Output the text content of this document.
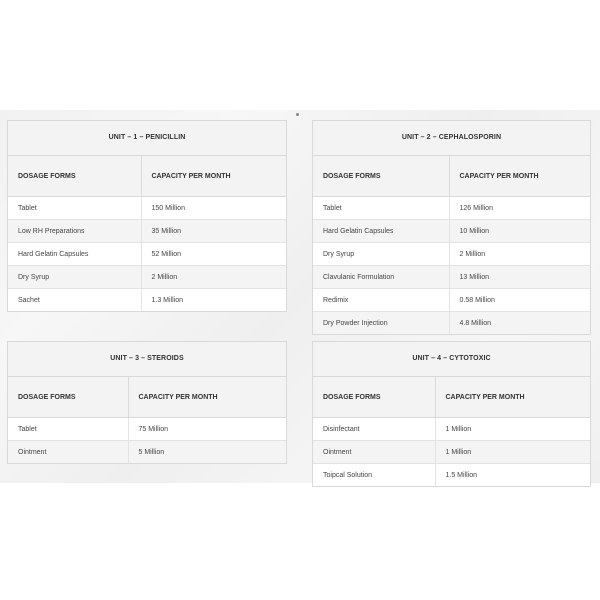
UNIT – 1 – PENICILLIN
DOSAGE FORMS	CAPACITY PER MONTH
Tablet	150 Million
Low RH Preparations	35 Million
Hard Gelatin Capsules	52 Million
Dry Syrup	2 Million
Sachet	1.3 Million
UNIT – 2 – CEPHALOSPORIN
DOSAGE FORMS	CAPACITY PER MONTH
Tablet	126 Million
Hard Gelatin Capsules	10 Million
Dry Syrup	2 Million
Clavulanic Formulation	13 Million
Redimix	0.58 Million
Dry Powder Injection	4.8 Million
UNIT – 3 – STEROIDS
DOSAGE FORMS	CAPACITY PER MONTH
Tablet	75 Million
Ointment	5 Million
UNIT – 4 – CYTOTOXIC
DOSAGE FORMS	CAPACITY PER MONTH
Disinfectant	1 Million
Ointment	1 Million
Toipcal Solution	1.5 Million
